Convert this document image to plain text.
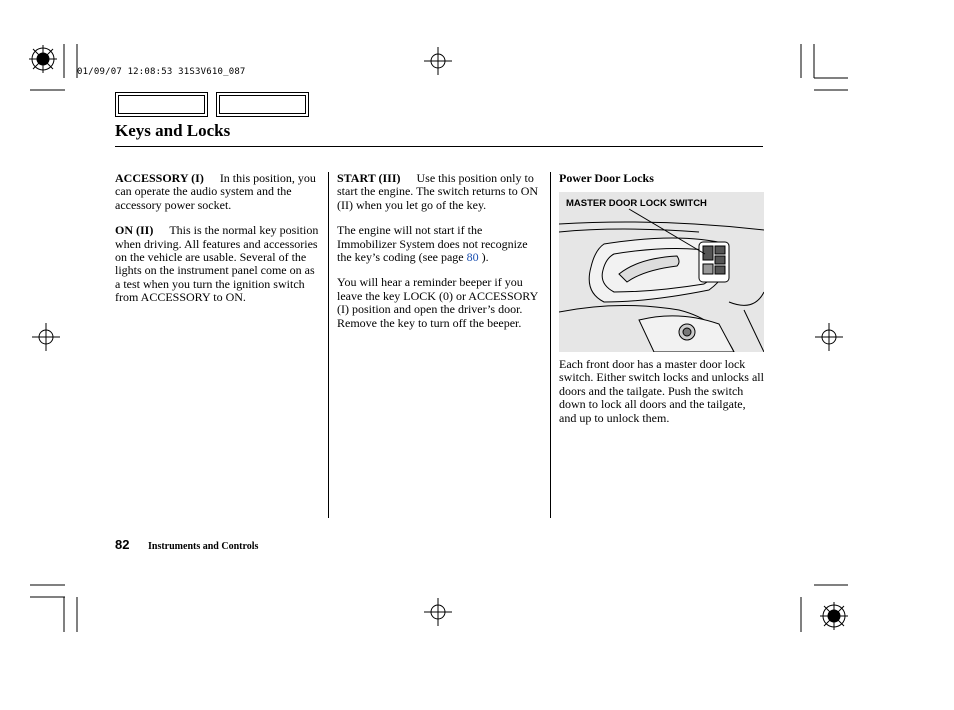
01/09/07 12:08:53 31S3V610_087
Keys and Locks

ACCESSORY (I) In this position, you can operate the audio system and the accessory power socket.

ON (II) This is the normal key position when driving. All features and accessories on the vehicle are usable. Several of the lights on the instrument panel come on as a test when you turn the ignition switch from ACCESSORY to ON.

START (III) Use this position only to start the engine. The switch returns to ON (II) when you let go of the key.

The engine will not start if the Immobilizer System does not recognize the key’s coding (see page 80 ).

You will hear a reminder beeper if you leave the key LOCK (0) or ACCESSORY (I) position and open the driver’s door. Remove the key to turn off the beeper.

Power Door Locks
MASTER DOOR LOCK SWITCH

Each front door has a master door lock switch. Either switch locks and unlocks all doors and the tailgate. Push the switch down to lock all doors and the tailgate, and up to unlock them.

82 Instruments and Controls
